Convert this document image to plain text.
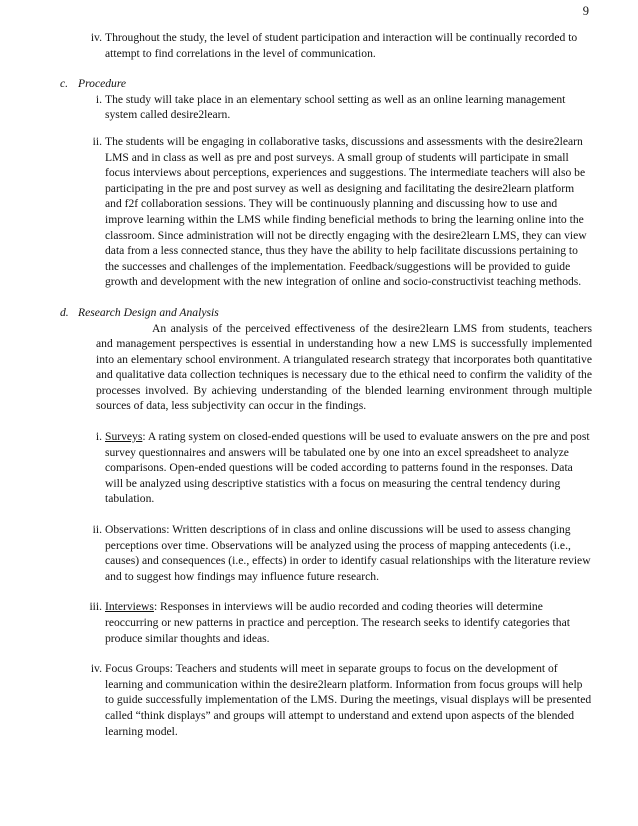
9
iv. Throughout the study, the level of student participation and interaction will be continually recorded to attempt to find correlations in the level of communication.
c. Procedure
i. The study will take place in an elementary school setting as well as an online learning management system called desire2learn.
ii. The students will be engaging in collaborative tasks, discussions and assessments with the desire2learn LMS and in class as well as pre and post surveys. A small group of students will participate in small focus interviews about perceptions, experiences and suggestions. The intermediate teachers will also be participating in the pre and post survey as well as designing and facilitating the desire2learn platform and f2f collaboration sessions. They will be continuously planning and discussing how to use and improve learning within the LMS while finding beneficial methods to bring the learning online into the classroom. Since administration will not be directly engaging with the desire2learn LMS, they can view data from a less connected stance, thus they have the ability to help facilitate discussions pertaining to the successes and challenges of the implementation. Feedback/suggestions will be provided to guide growth and development with the new integration of online and socio-constructivist teaching methods.
d. Research Design and Analysis
An analysis of the perceived effectiveness of the desire2learn LMS from students, teachers and management perspectives is essential in understanding how a new LMS is successfully implemented into an elementary school environment. A triangulated research strategy that incorporates both quantitative and qualitative data collection techniques is necessary due to the ethical need to confirm the validity of the processes involved. By achieving understanding of the blended learning environment through multiple sources of data, less subjectivity can occur in the findings.
i. Surveys: A rating system on closed-ended questions will be used to evaluate answers on the pre and post survey questionnaires and answers will be tabulated one by one into an excel spreadsheet to analyze comparisons. Open-ended questions will be coded according to patterns found in the responses. Data will be analyzed using descriptive statistics with a focus on measuring the central tendency during tabulation.
ii. Observations: Written descriptions of in class and online discussions will be used to assess changing perceptions over time. Observations will be analyzed using the process of mapping antecedents (i.e., causes) and consequences (i.e., effects) in order to identify casual relationships with the literature review and to suggest how findings may influence future research.
iii. Interviews: Responses in interviews will be audio recorded and coding theories will determine reoccurring or new patterns in practice and perception. The research seeks to identify categories that produce similar thoughts and ideas.
iv. Focus Groups: Teachers and students will meet in separate groups to focus on the development of learning and communication within the desire2learn platform. Information from focus groups will help to guide successfully implementation of the LMS. During the meetings, visual displays will be presented called “think displays” and groups will attempt to understand and extend upon aspects of the blended learning model.
